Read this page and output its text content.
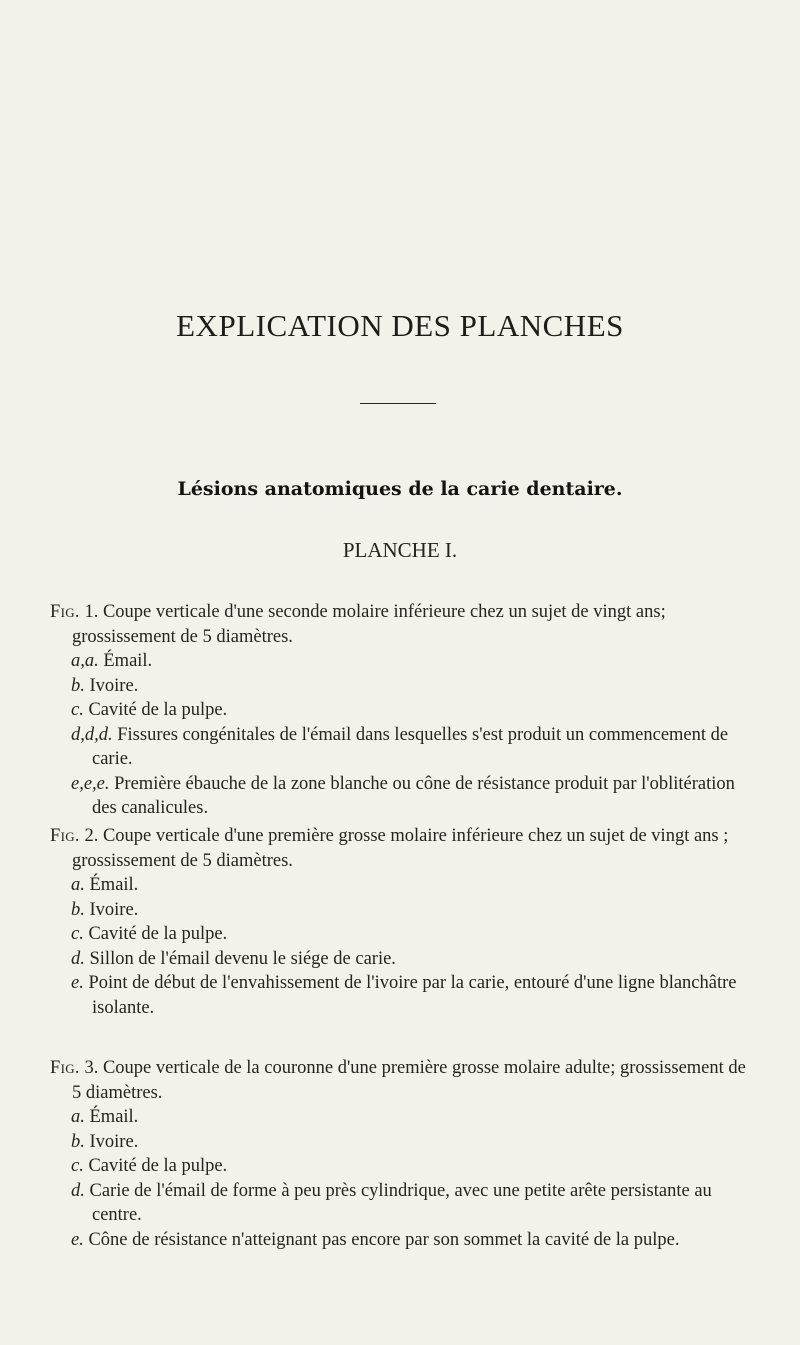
EXPLICATION DES PLANCHES
Lésions anatomiques de la carie dentaire.
PLANCHE I.

Fig. 1. Coupe verticale d'une seconde molaire inférieure chez un sujet de vingt ans; grossissement de 5 diamètres.

a,a. Émail.

b. Ivoire.

c. Cavité de la pulpe.

d,d,d. Fissures congénitales de l'émail dans lesquelles s'est produit un commencement de carie.

e,e,e. Première ébauche de la zone blanche ou cône de résistance produit par l'oblitération des canalicules.

Fig. 2. Coupe verticale d'une première grosse molaire inférieure chez un sujet de vingt ans ; grossissement de 5 diamètres.

a. Émail.

b. Ivoire.

c. Cavité de la pulpe.

d. Sillon de l'émail devenu le siége de carie.

e. Point de début de l'envahissement de l'ivoire par la carie, entouré d'une ligne blanchâtre isolante.

Fig. 3. Coupe verticale de la couronne d'une première grosse molaire adulte; grossissement de 5 diamètres.

a. Émail.

b. Ivoire.

c. Cavité de la pulpe.

d. Carie de l'émail de forme à peu près cylindrique, avec une petite arête persistante au centre.

e. Cône de résistance n'atteignant pas encore par son sommet la cavité de la pulpe.
